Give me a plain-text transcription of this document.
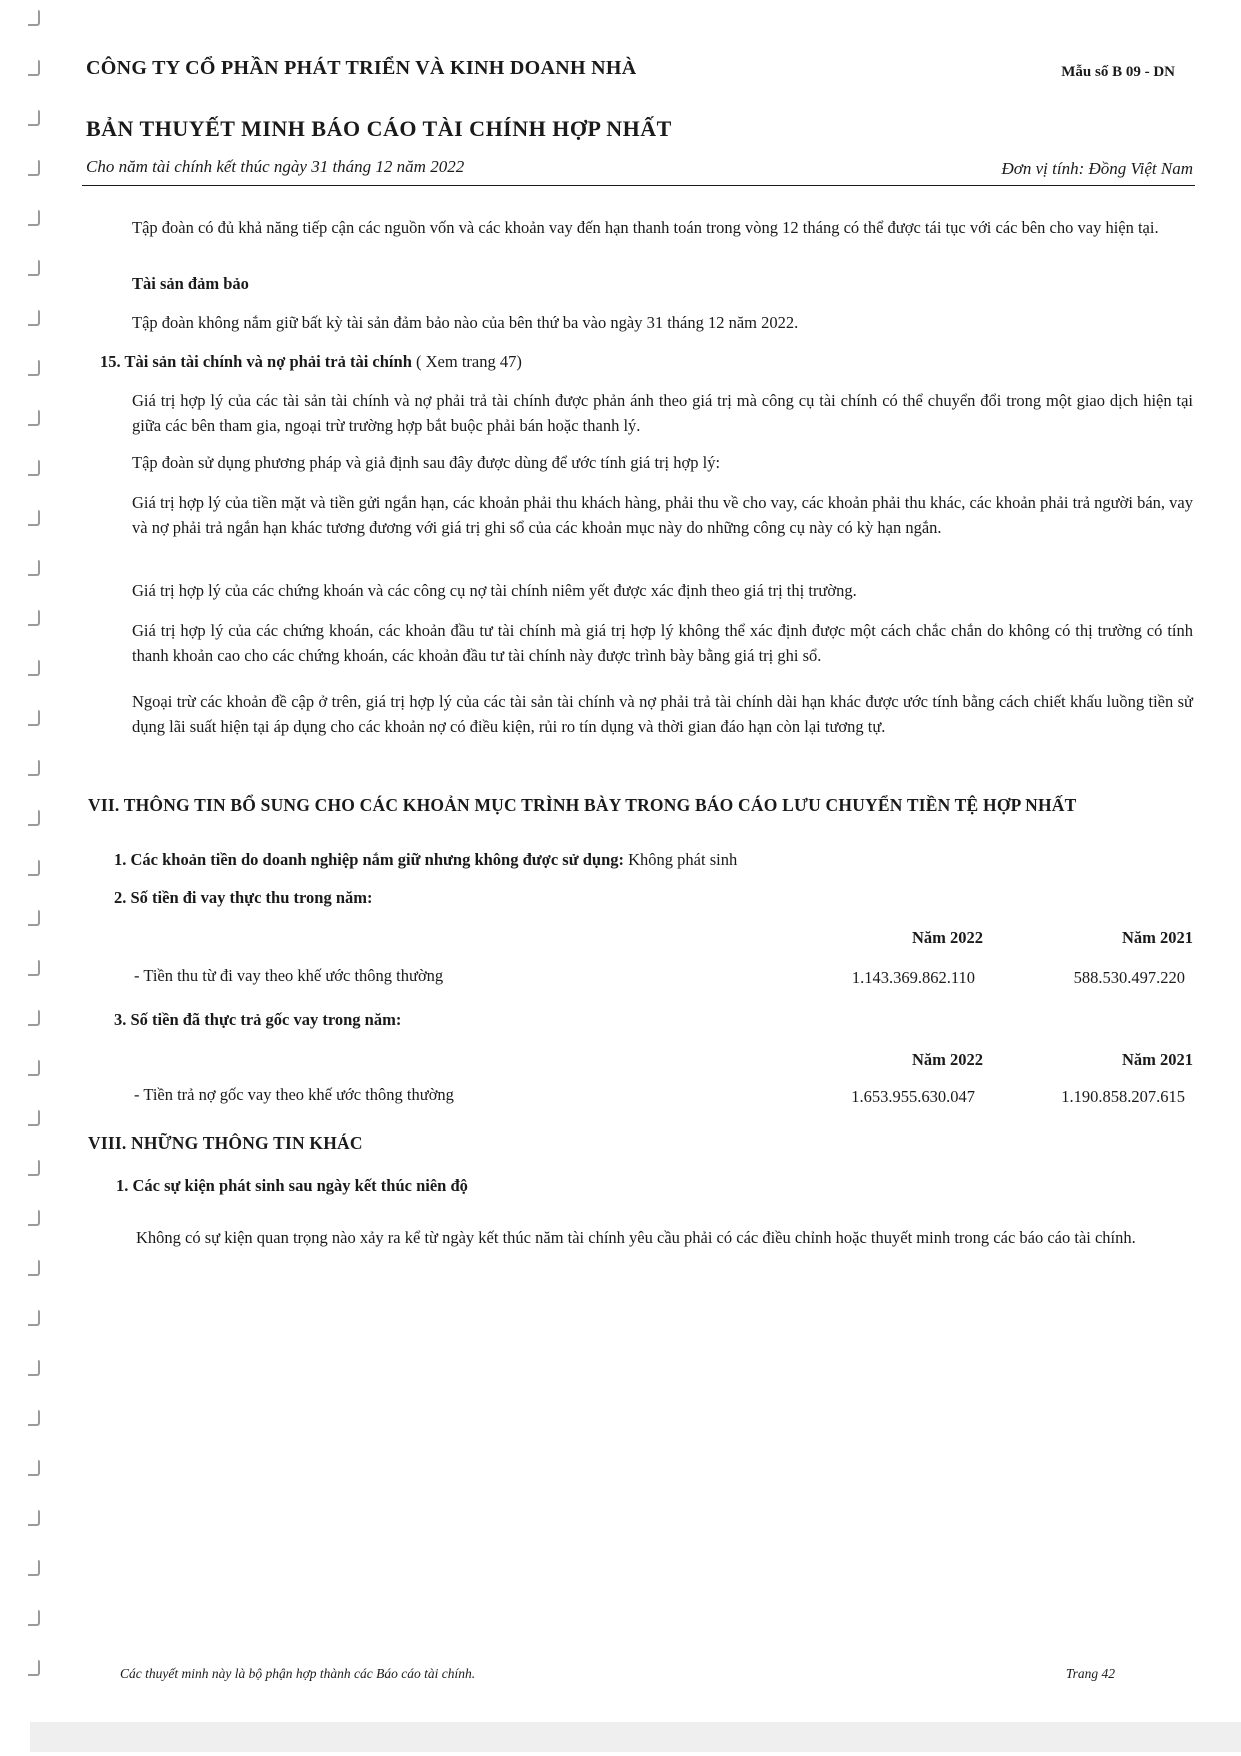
CÔNG TY CỔ PHẦN PHÁT TRIỂN VÀ KINH DOANH NHÀ	Mẫu số B 09 - DN
BẢN THUYẾT MINH BÁO CÁO TÀI CHÍNH HỢP NHẤT
Cho năm tài chính kết thúc ngày 31 tháng 12 năm 2022	Đơn vị tính: Đồng Việt Nam
Tập đoàn có đủ khả năng tiếp cận các nguồn vốn và các khoản vay đến hạn thanh toán trong vòng 12 tháng có thể được tái tục với các bên cho vay hiện tại.
Tài sản đảm bảo
Tập đoàn không nắm giữ bất kỳ tài sản đảm bảo nào của bên thứ ba vào ngày 31 tháng 12 năm 2022.
15. Tài sản tài chính và nợ phải trả tài chính ( Xem trang 47)
Giá trị hợp lý của các tài sản tài chính và nợ phải trả tài chính được phản ánh theo giá trị mà công cụ tài chính có thể chuyển đổi trong một giao dịch hiện tại giữa các bên tham gia, ngoại trừ trường hợp bắt buộc phải bán hoặc thanh lý.
Tập đoàn sử dụng phương pháp và giả định sau đây được dùng để ước tính giá trị hợp lý:
Giá trị hợp lý của tiền mặt và tiền gửi ngắn hạn, các khoản phải thu khách hàng, phải thu về cho vay, các khoản phải thu khác, các khoản phải trả người bán, vay và nợ phải trả ngắn hạn khác tương đương với giá trị ghi sổ của các khoản mục này do những công cụ này có kỳ hạn ngắn.
Giá trị hợp lý của các chứng khoán và các công cụ nợ tài chính niêm yết được xác định theo giá trị thị trường.
Giá trị hợp lý của các chứng khoán, các khoản đầu tư tài chính mà giá trị hợp lý không thể xác định được một cách chắc chắn do không có thị trường có tính thanh khoản cao cho các chứng khoán, các khoản đầu tư tài chính này được trình bày bằng giá trị ghi sổ.
Ngoại trừ các khoản đề cập ở trên, giá trị hợp lý của các tài sản tài chính và nợ phải trả tài chính dài hạn khác được ước tính bằng cách chiết khấu luồng tiền sử dụng lãi suất hiện tại áp dụng cho các khoản nợ có điều kiện, rủi ro tín dụng và thời gian đáo hạn còn lại tương tự.
VII. THÔNG TIN BỔ SUNG CHO CÁC KHOẢN MỤC TRÌNH BÀY TRONG BÁO CÁO LƯU CHUYỂN TIỀN TỆ HỢP NHẤT
1. Các khoản tiền do doanh nghiệp nắm giữ nhưng không được sử dụng: Không phát sinh
2. Số tiền đi vay thực thu trong năm:
Năm 2022	Năm 2021
- Tiền thu từ đi vay theo khế ước thông thường	1.143.369.862.110	588.530.497.220
3. Số tiền đã thực trả gốc vay trong năm:
Năm 2022	Năm 2021
- Tiền trả nợ gốc vay theo khế ước thông thường	1.653.955.630.047	1.190.858.207.615
VIII. NHỮNG THÔNG TIN KHÁC
1. Các sự kiện phát sinh sau ngày kết thúc niên độ
Không có sự kiện quan trọng nào xảy ra kể từ ngày kết thúc năm tài chính yêu cầu phải có các điều chỉnh hoặc thuyết minh trong các báo cáo tài chính.
Các thuyết minh này là bộ phận hợp thành các Báo cáo tài chính.	Trang 42
